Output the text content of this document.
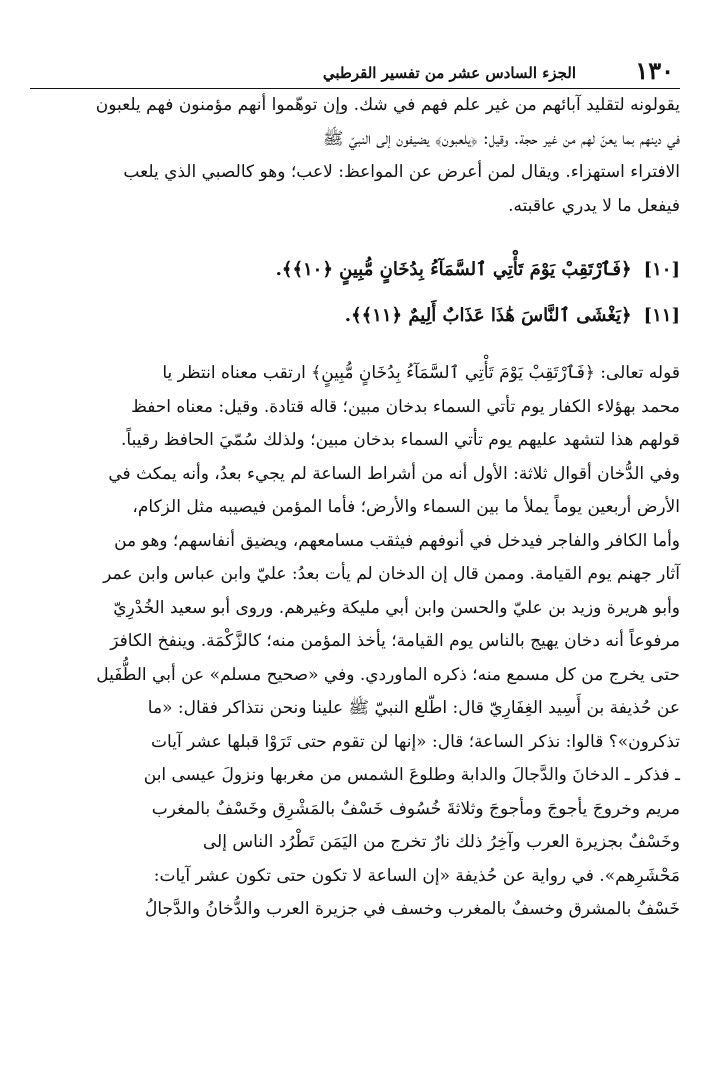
١٣٠
الجزء السادس عشر من تفسير القرطبي

يقولونه لتقليد آبائهم من غير علم فهم في شك. وإن توهّموا أنهم مؤمنون فهم يلعبون

في دينهم بما يعنّ لهم من غير حجة. وقيل: ﴿يلعبون﴾ يضيفون إلى النبيّ ﷺ

الافتراء استهزاء. ويقال لمن أعرض عن المواعظ: لاعب؛ وهو كالصبي الذي يلعب

فيفعل ما لا يدري عاقبته.

[١٠]﴿فَٱرْتَقِبْ يَوْمَ تَأْتِي ٱلسَّمَآءُ بِدُخَانٍ مُّبِينٍ ﴿١٠﴾﴾.
[١١]﴿يَغْشَى ٱلنَّاسَ هَٰذَا عَذَابٌ أَلِيمٌ ﴿١١﴾﴾.

قوله تعالى: ﴿فَٱرْتَقِبْ يَوْمَ تَأْتِي ٱلسَّمَآءُ بِدُخَانٍ مُّبِينٍ﴾ ارتقب معناه انتظر يا

محمد بهؤلاء الكفار يوم تأتي السماء بدخان مبين؛ قاله قتادة. وقيل: معناه احفظ

قولهم هذا لتشهد عليهم يوم تأتي السماء بدخان مبين؛ ولذلك سُمّيَ الحافظ رقيباً.

وفي الدُّخان أقوال ثلاثة: الأول أنه من أشراط الساعة لم يجيء بعدُ، وأنه يمكث في

الأرض أربعين يوماً يملأ ما بين السماء والأرض؛ فأما المؤمن فيصيبه مثل الزكام،

وأما الكافر والفاجر فيدخل في أنوفهم فيثقب مسامعهم، ويضيق أنفاسهم؛ وهو من

آثار جهنم يوم القيامة. وممن قال إن الدخان لم يأت بعدُ: عليّ وابن عباس وابن عمر

وأبو هريرة وزيد بن عليّ والحسن وابن أبي مليكة وغيرهم. وروى أبو سعيد الخُدْرِيّ

مرفوعاً أنه دخان يهيج بالناس يوم القيامة؛ يأخذ المؤمن منه؛ كالزَّكْمَة. وينفخ الكافرَ

حتى يخرج من كل مسمع منه؛ ذكره الماوردي. وفي «صحيح مسلم» عن أبي الطُّفَيل

عن حُذيفة بن أَسِيد الغِفَارِيّ قال: اطّلع النبيّ ﷺ علينا ونحن نتذاكر فقال: «ما

تذكرون»؟ قالوا: نذكر الساعة؛ قال: «إنها لن تقوم حتى تَرَوْا قبلها عشر آيات

ـ فذكر ـ الدخانَ والدَّجالَ والدابة وطلوعَ الشمس من مغربها ونزولَ عيسى ابن

مريم وخروجَ يأجوجَ ومأجوجَ وثلاثةَ خُسُوف خَسْفٌ بالمَشْرِق وخَسْفٌ بالمغرب

وخَسْفٌ بجزيرة العرب وآخِرُ ذلك نارٌ تخرج من اليَمَن تَطْرُد الناس إلى

مَحْشَرِهم». في رواية عن حُذيفة «إن الساعة لا تكون حتى تكون عشر آيات:

خَسْفٌ بالمشرق وخسفٌ بالمغرب وخسف في جزيرة العرب والدُّخانُ والدَّجالُ
